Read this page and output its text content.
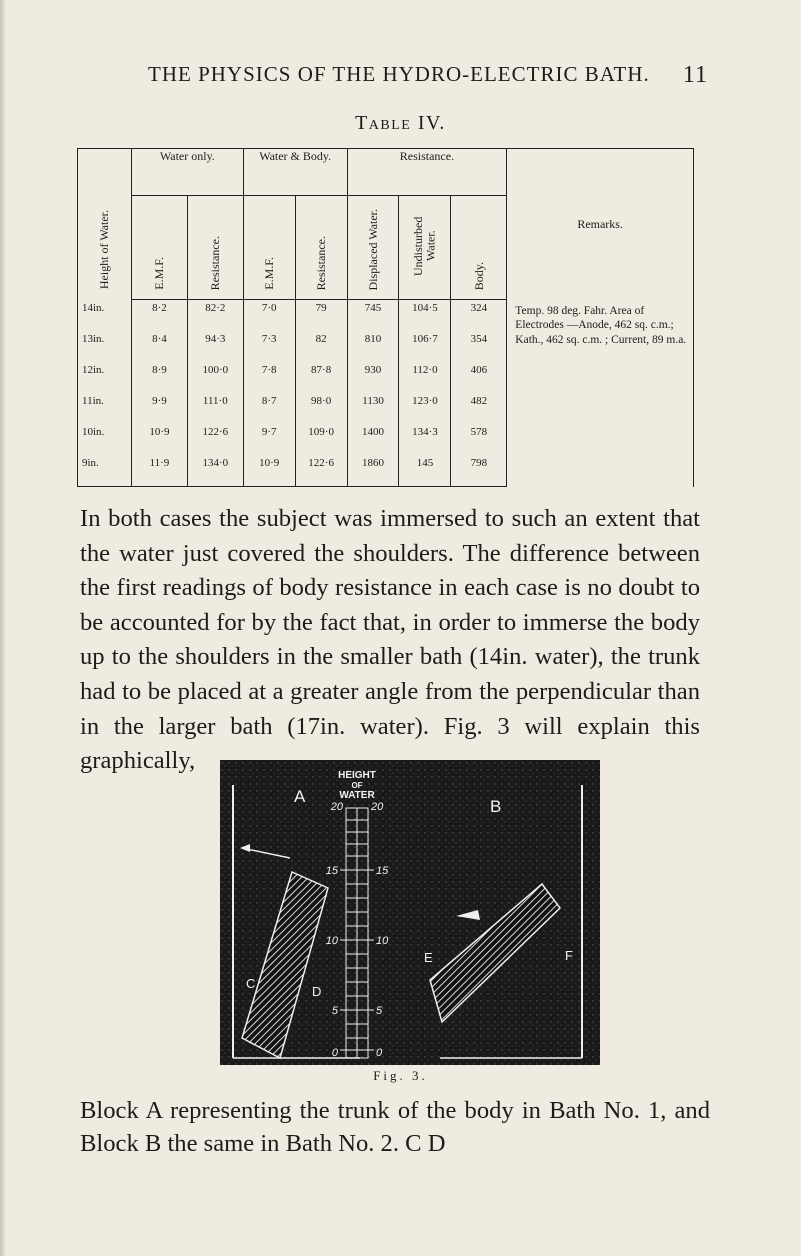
THE PHYSICS OF THE HYDRO-ELECTRIC BATH. 11
Table IV.
Height of Water.	Water only.		Water & Body.		Resistance.			Remarks.
	E.M.F.	Resistance.	E.M.F.	Resistance.	Displaced Water.	Undisturbed Water.	Body.	
14in.	8·2	82·2	7·0	79	745	104·5	324	Temp. 98 deg. Fahr. Area of Electrodes —Anode, 462 sq. c.m.; Kath., 462 sq. c.m. ; Current, 89 m.a.
13in.	8·4	94·3	7·3	82	810	106·7	354	
12in.	8·9	100·0	7·8	87·8	930	112·0	406	
11in.	9·9	111·0	8·7	98·0	1130	123·0	482	
10in.	10·9	122·6	9·7	109·0	1400	134·3	578	
9in.	11·9	134·0	10·9	122·6	1860	145	798	

In both cases the subject was immersed to such an extent that the water just covered the shoulders. The difference between the first readings of body resistance in each case is no doubt to be accounted for by the fact that, in order to immerse the body up to the shoulders in the smaller bath (14in. water), the trunk had to be placed at a greater angle from the perpendicular than in the larger bath (17in. water). Fig. 3 will explain this graphically,

HEIGHT
OF
WATER
20	20
15	15
10	10
5	5
0	0
A
B
C
D
E	F
Fig. 3.

Block A representing the trunk of the body in Bath No. 1, and Block B the same in Bath No. 2. C D
